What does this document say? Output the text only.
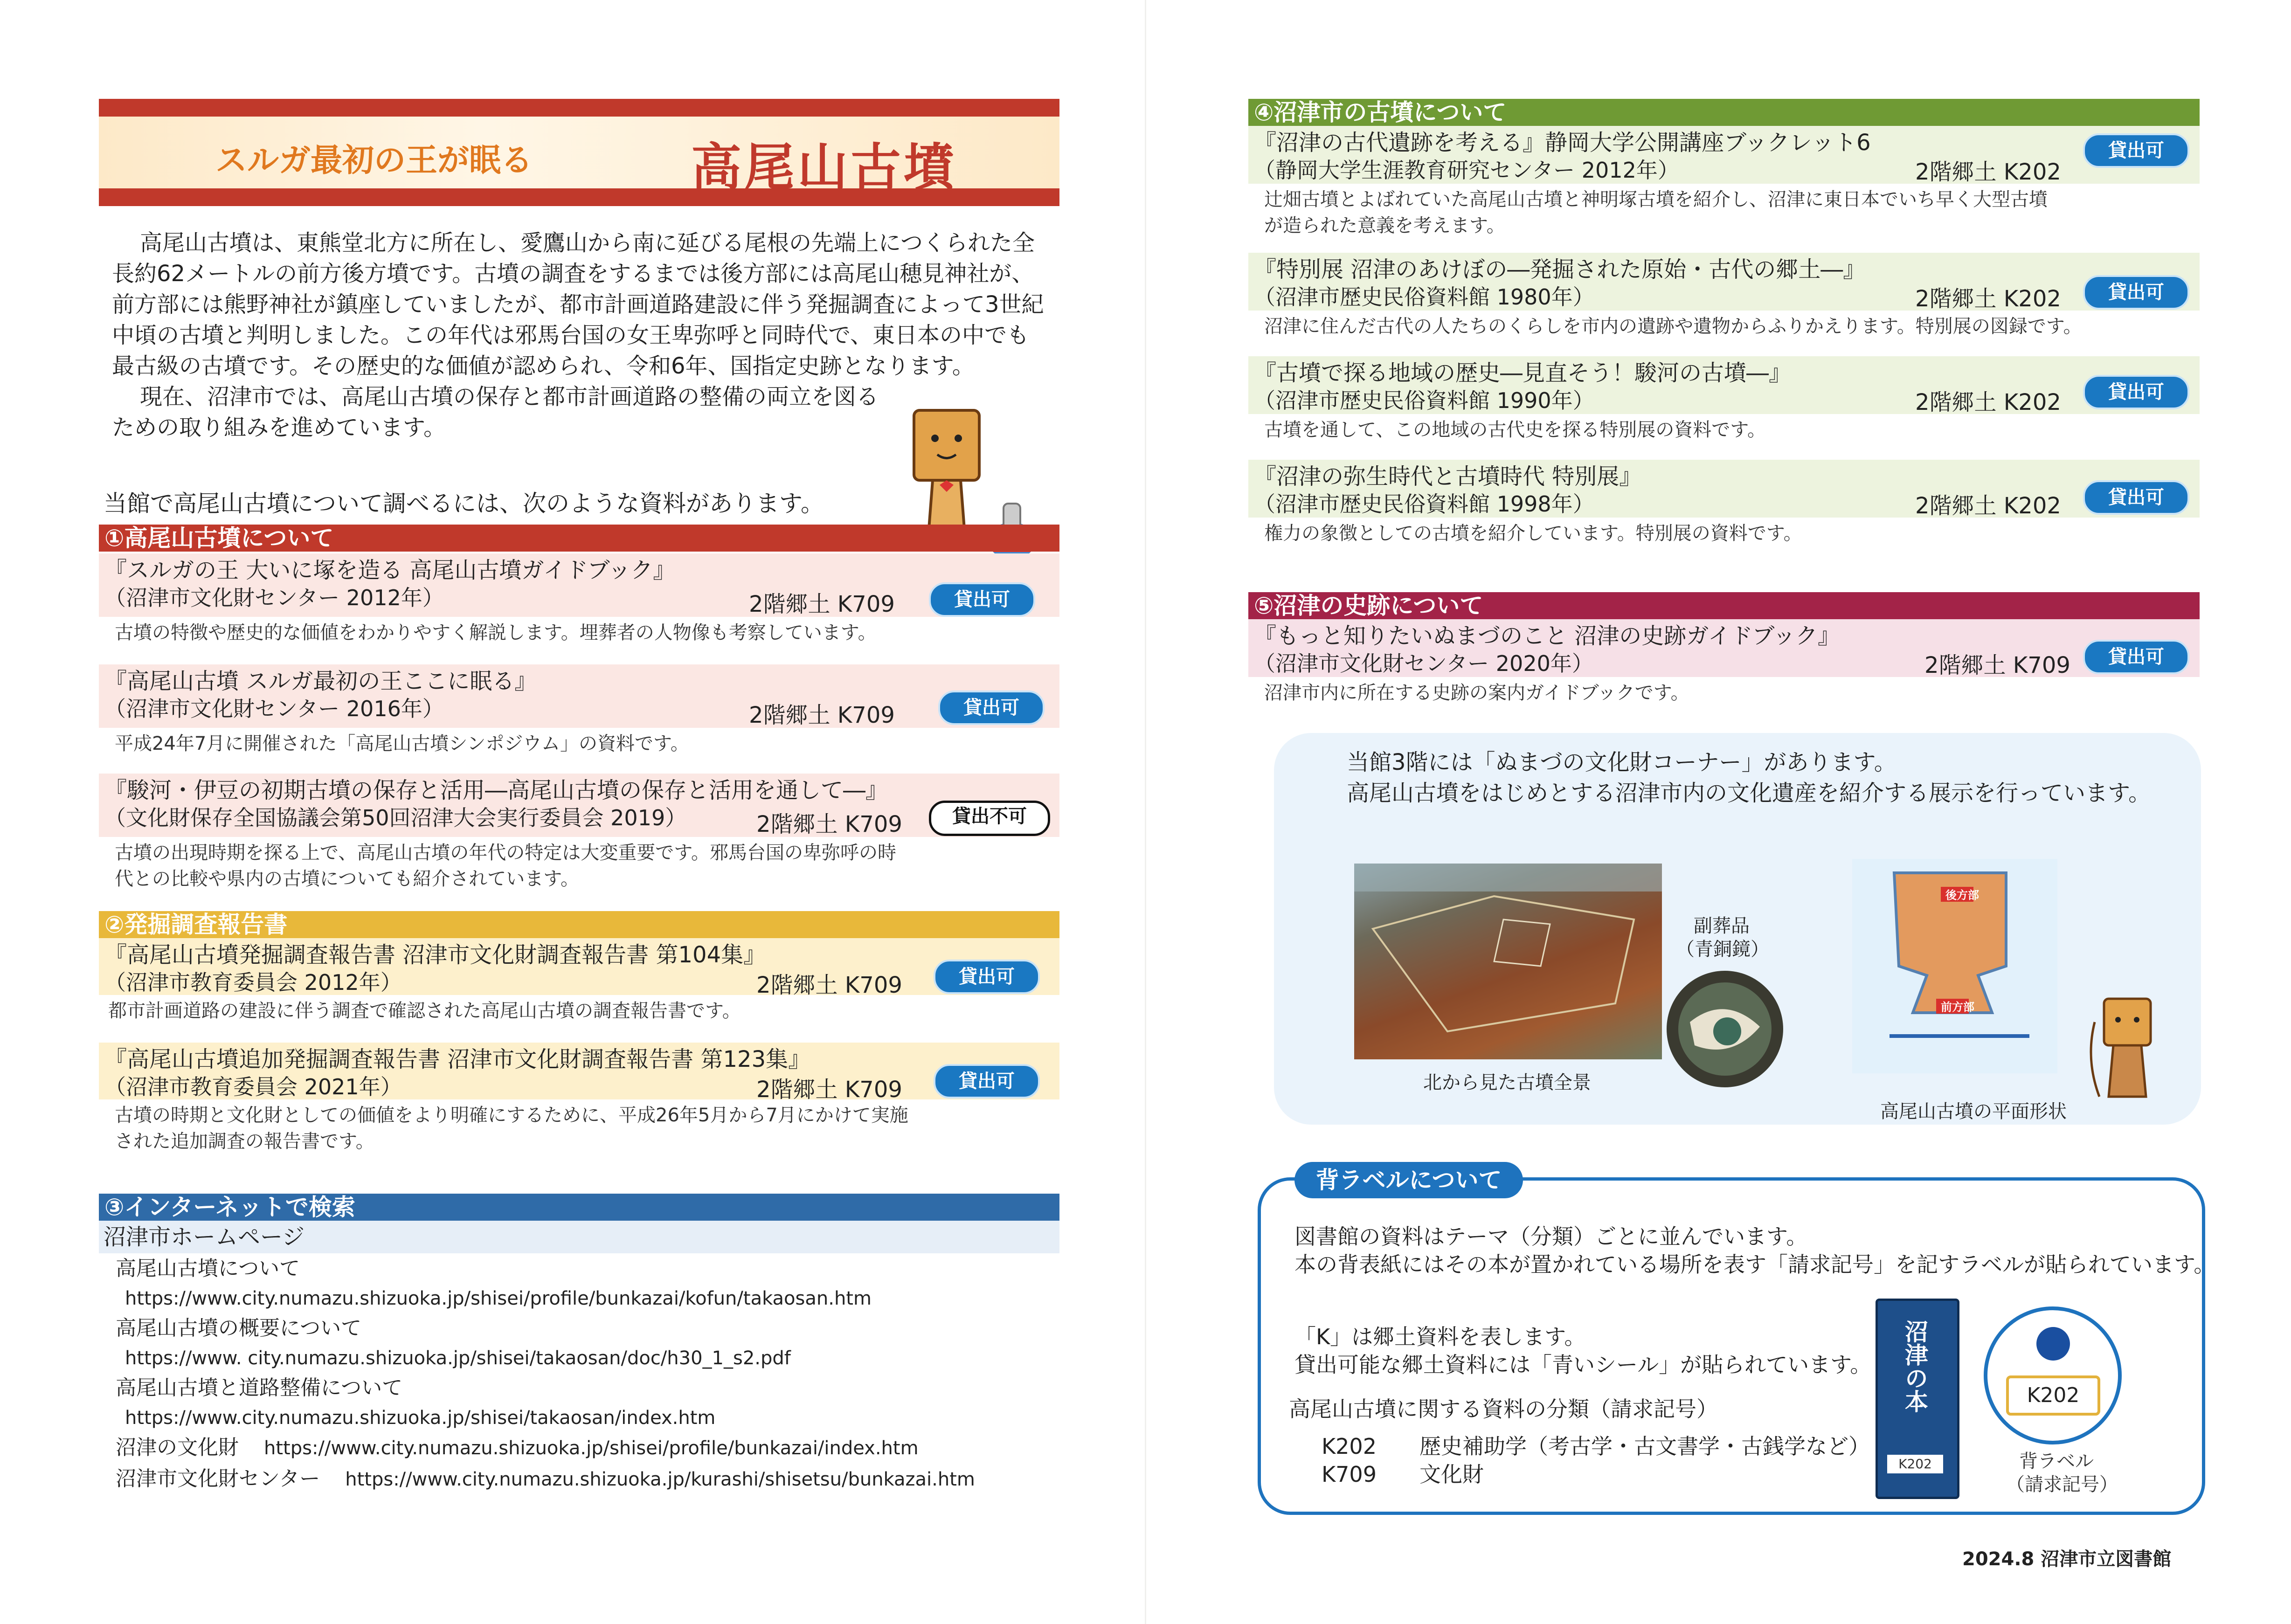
スルガ最初の王が眠る	高尾山古墳

高尾山古墳は、東熊堂北方に所在し、愛鷹山から南に延びる尾根の先端上につくられた全長約62メートルの前方後方墳です。古墳の調査をするまでは後方部には高尾山穂見神社が、前方部には熊野神社が鎮座していましたが、都市計画道路建設に伴う発掘調査によって3世紀中頃の古墳と判明しました。この年代は邪馬台国の女王卑弥呼と同時代で、東日本の中でも最古級の古墳です。その歴史的な価値が認められ、令和6年、国指定史跡となります。

現在、沼津市では、高尾山古墳の保存と都市計画道路の整備の両立を図るための取り組みを進めています。

当館で高尾山古墳について調べるには、次のような資料があります。
①高尾山古墳について
『スルガの王 大いに塚を造る 高尾山古墳ガイドブック』
（沼津市文化財センター 2012年）	2階郷土 K709	貸出可
古墳の特徴や歴史的な価値をわかりやすく解説します。埋葬者の人物像も考察しています。
『高尾山古墳 スルガ最初の王ここに眠る』
（沼津市文化財センター 2016年）	2階郷土 K709	貸出可
平成24年7月に開催された「高尾山古墳シンポジウム」の資料です。
『駿河・伊豆の初期古墳の保存と活用―高尾山古墳の保存と活用を通して―』
（文化財保存全国協議会第50回沼津大会実行委員会 2019）	2階郷土 K709	貸出不可
古墳の出現時期を探る上で、高尾山古墳の年代の特定は大変重要です。邪馬台国の卑弥呼の時
代との比較や県内の古墳についても紹介されています。
②発掘調査報告書
『高尾山古墳発掘調査報告書 沼津市文化財調査報告書 第104集』
（沼津市教育委員会 2012年）	2階郷土 K709	貸出可
都市計画道路の建設に伴う調査で確認された高尾山古墳の調査報告書です。
『高尾山古墳追加発掘調査報告書 沼津市文化財調査報告書 第123集』
（沼津市教育委員会 2021年）	2階郷土 K709	貸出可
古墳の時期と文化財としての価値をより明確にするために、平成26年5月から7月にかけて実施
された追加調査の報告書です。
③インターネットで検索
沼津市ホームページ
高尾山古墳について
https://www.city.numazu.shizuoka.jp/shisei/profile/bunkazai/kofun/takaosan.htm
高尾山古墳の概要について
https://www. city.numazu.shizuoka.jp/shisei/takaosan/doc/h30_1_s2.pdf
高尾山古墳と道路整備について
https://www.city.numazu.shizuoka.jp/shisei/takaosan/index.htm
沼津の文化財 https://www.city.numazu.shizuoka.jp/shisei/profile/bunkazai/index.htm
沼津市文化財センター https://www.city.numazu.shizuoka.jp/kurashi/shisetsu/bunkazai.htm
④沼津市の古墳について
『沼津の古代遺跡を考える』静岡大学公開講座ブックレット6
（静岡大学生涯教育研究センター 2012年）	2階郷土 K202
貸出可
辻畑古墳とよばれていた高尾山古墳と神明塚古墳を紹介し、沼津に東日本でいち早く大型古墳
が造られた意義を考えます。
『特別展 沼津のあけぼの―発掘された原始・古代の郷土―』
（沼津市歴史民俗資料館 1980年）	2階郷土 K202	貸出可
沼津に住んだ古代の人たちのくらしを市内の遺跡や遺物からふりかえります。特別展の図録です。
『古墳で探る地域の歴史―見直そう！駿河の古墳―』
（沼津市歴史民俗資料館 1990年）	2階郷土 K202	貸出可
古墳を通して、この地域の古代史を探る特別展の資料です。
『沼津の弥生時代と古墳時代 特別展』
（沼津市歴史民俗資料館 1998年）	2階郷土 K202	貸出可
権力の象徴としての古墳を紹介しています。特別展の資料です。
⑤沼津の史跡について
『もっと知りたいぬまづのこと 沼津の史跡ガイドブック』
（沼津市文化財センター 2020年）	2階郷土 K709	貸出可
沼津市内に所在する史跡の案内ガイドブックです。
当館3階には「ぬまづの文化財コーナー」があります。
高尾山古墳をはじめとする沼津市内の文化遺産を紹介する展示を行っています。
北から見た古墳全景
副葬品
（青銅鏡）
後方部
前方部
高尾山古墳の平面形状
背ラベルについて
図書館の資料はテーマ（分類）ごとに並んでいます。
本の背表紙にはその本が置かれている場所を表す「請求記号」を記すラベルが貼られています。
「K」は郷土資料を表します。
貸出可能な郷土資料には「青いシール」が貼られています。
高尾山古墳に関する資料の分類（請求記号）
K202 歴史補助学（考古学・古文書学・古銭学など）
K709 文化財
沼津の本
K202
K202
背ラベル
（請求記号）
2024.8 沼津市立図書館
